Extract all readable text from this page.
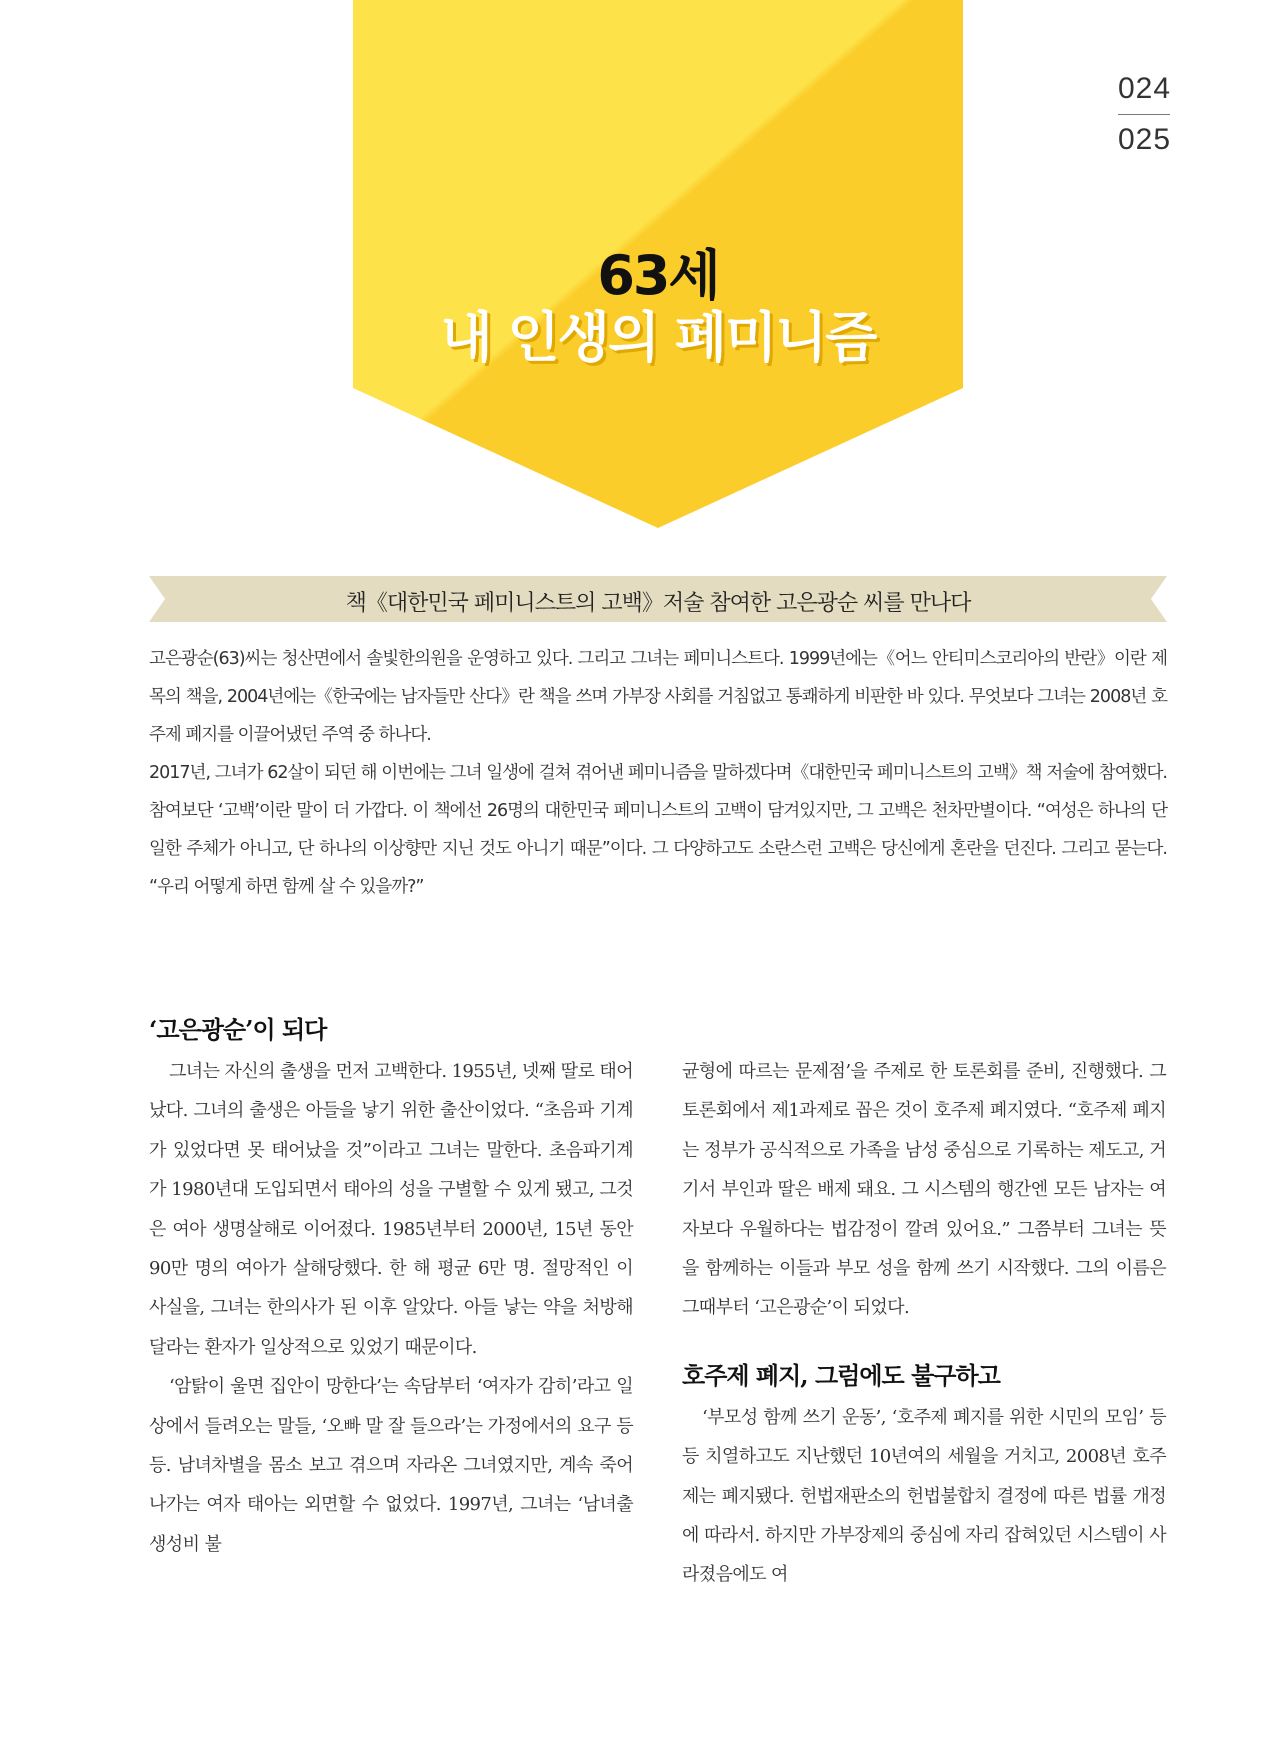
63세
내 인생의 페미니즘
024
025
책《대한민국 페미니스트의 고백》저술 참여한 고은광순 씨를 만나다

고은광순(63)씨는 청산면에서 솔빛한의원을 운영하고 있다. 그리고 그녀는 페미니스트다. 1999년에는《어느 안티미스코리아의 반란》이란 제목의 책을, 2004년에는《한국에는 남자들만 산다》란 책을 쓰며 가부장 사회를 거침없고 통쾌하게 비판한 바 있다. 무엇보다 그녀는 2008년 호주제 폐지를 이끌어냈던 주역 중 하나다.

2017년, 그녀가 62살이 되던 해 이번에는 그녀 일생에 걸쳐 겪어낸 페미니즘을 말하겠다며《대한민국 페미니스트의 고백》책 저술에 참여했다. 참여보단 ‘고백’이란 말이 더 가깝다. 이 책에선 26명의 대한민국 페미니스트의 고백이 담겨있지만, 그 고백은 천차만별이다. “여성은 하나의 단일한 주체가 아니고, 단 하나의 이상향만 지닌 것도 아니기 때문”이다. 그 다양하고도 소란스런 고백은 당신에게 혼란을 던진다. 그리고 묻는다. “우리 어떻게 하면 함께 살 수 있을까?”

‘고은광순’이 되다

그녀는 자신의 출생을 먼저 고백한다. 1955년, 넷째 딸로 태어났다. 그녀의 출생은 아들을 낳기 위한 출산이었다. “초음파 기계가 있었다면 못 태어났을 것”이라고 그녀는 말한다. 초음파기계가 1980년대 도입되면서 태아의 성을 구별할 수 있게 됐고, 그것은 여아 생명살해로 이어졌다. 1985년부터 2000년, 15년 동안 90만 명의 여아가 살해당했다. 한 해 평균 6만 명. 절망적인 이 사실을, 그녀는 한의사가 된 이후 알았다. 아들 낳는 약을 처방해달라는 환자가 일상적으로 있었기 때문이다.

‘암탉이 울면 집안이 망한다’는 속담부터 ‘여자가 감히’라고 일상에서 들려오는 말들, ‘오빠 말 잘 들으라’는 가정에서의 요구 등등. 남녀차별을 몸소 보고 겪으며 자라온 그녀였지만, 계속 죽어 나가는 여자 태아는 외면할 수 없었다. 1997년, 그녀는 ‘남녀출생성비 불

균형에 따르는 문제점’을 주제로 한 토론회를 준비, 진행했다. 그 토론회에서 제1과제로 꼽은 것이 호주제 폐지였다. “호주제 폐지는 정부가 공식적으로 가족을 남성 중심으로 기록하는 제도고, 거기서 부인과 딸은 배제 돼요. 그 시스템의 행간엔 모든 남자는 여자보다 우월하다는 법감정이 깔려 있어요.” 그쯤부터 그녀는 뜻을 함께하는 이들과 부모 성을 함께 쓰기 시작했다. 그의 이름은 그때부터 ‘고은광순’이 되었다.

호주제 폐지, 그럼에도 불구하고

‘부모성 함께 쓰기 운동’, ‘호주제 폐지를 위한 시민의 모임’ 등등 치열하고도 지난했던 10년여의 세월을 거치고, 2008년 호주제는 폐지됐다. 헌법재판소의 헌법불합치 결정에 따른 법률 개정에 따라서. 하지만 가부장제의 중심에 자리 잡혀있던 시스템이 사라졌음에도 여
